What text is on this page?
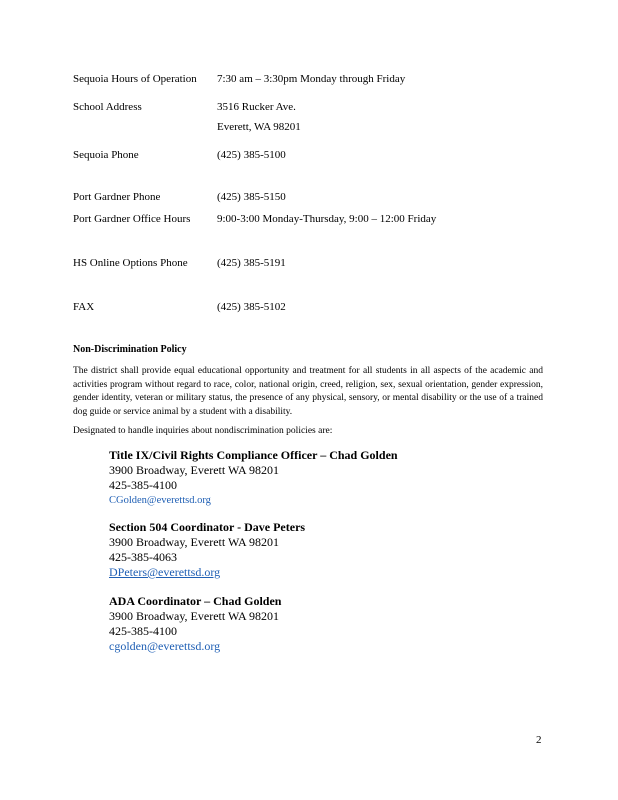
Sequoia Hours of Operation 7:30 am – 3:30pm Monday through Friday
School Address	3516 Rucker Ave.
Everett, WA 98201
Sequoia Phone	(425) 385-5100
Port Gardner Phone	(425) 385-5150
Port Gardner Office Hours 9:00-3:00 Monday-Thursday, 9:00 – 12:00 Friday
HS Online Options Phone	(425) 385-5191
FAX	(425) 385-5102
Non-Discrimination Policy
The district shall provide equal educational opportunity and treatment for all students in all aspects of the academic and activities program without regard to race, color, national origin, creed, religion, sex, sexual orientation, gender expression, gender identity, veteran or military status, the presence of any physical, sensory, or mental disability or the use of a trained dog guide or service animal by a student with a disability.
Designated to handle inquiries about nondiscrimination policies are:
Title IX/Civil Rights Compliance Officer – Chad Golden
3900 Broadway, Everett WA 98201
425-385-4100
CGolden@everettsd.org
Section 504 Coordinator - Dave Peters
3900 Broadway, Everett WA 98201
425-385-4063
DPeters@everettsd.org
ADA Coordinator – Chad Golden
3900 Broadway, Everett WA 98201
425-385-4100
cgolden@everettsd.org
2
